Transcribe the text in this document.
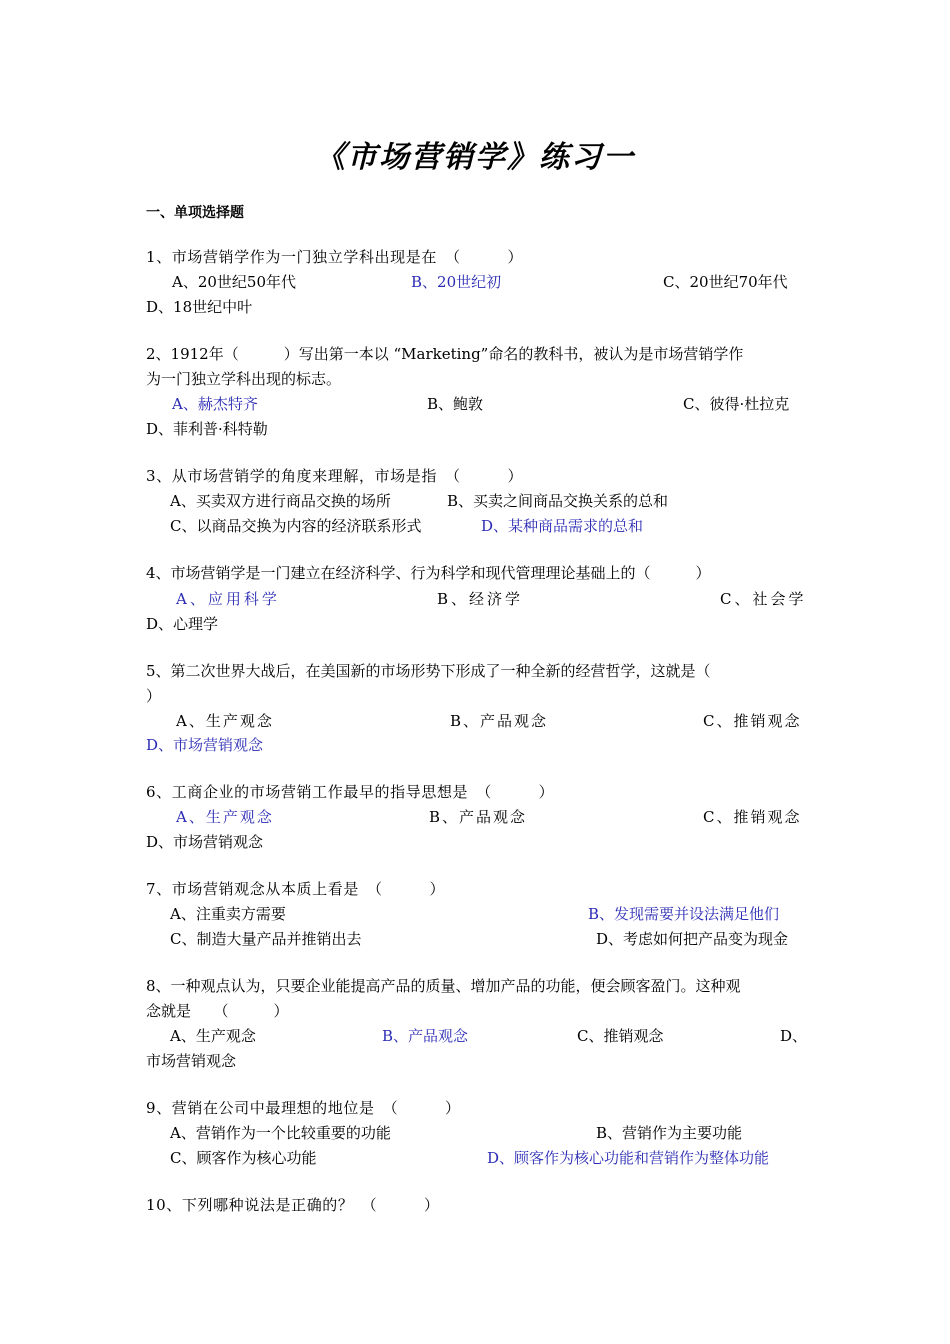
《市场营销学》练习一
一、单项选择题
1、市场营销学作为一门独立学科出现是在　（　　　）
A、20世纪50年代	B、20世纪初	C、20世纪70年代
D、18世纪中叶
2、1912年（　　　）写出第一本以 “Marketing”命名的教科书，被认为是市场营销学作
为一门独立学科出现的标志。
A、赫杰特齐	B、鲍敦	C、彼得·杜拉克
D、菲利普·科特勒
3、从市场营销学的角度来理解，市场是指　（　　　）
A、买卖双方进行商品交换的场所	B、买卖之间商品交换关系的总和
C、以商品交换为内容的经济联系形式	D、某种商品需求的总和
4、市场营销学是一门建立在经济科学、行为科学和现代管理理论基础上的（　　　）
A、应用科学	B、经济学	C、社会学
D、心理学
5、第二次世界大战后，在美国新的市场形势下形成了一种全新的经营哲学，这就是（
）
A、生产观念	B、产品观念	C、推销观念
D、市场营销观念
6、工商企业的市场营销工作最早的指导思想是　（　　　）
A、生产观念	B、产品观念	C、推销观念
D、市场营销观念
7、市场营销观念从本质上看是　（　　　）
A、注重卖方需要	B、发现需要并设法满足他们
C、制造大量产品并推销出去	D、考虑如何把产品变为现金
8、一种观点认为，只要企业能提高产品的质量、增加产品的功能，便会顾客盈门。这种观
念就是　　（　　　）
A、生产观念	B、产品观念	C、推销观念	D、
市场营销观念
9、营销在公司中最理想的地位是　（　　　）
A、营销作为一个比较重要的功能	B、营销作为主要功能
C、顾客作为核心功能	D、顾客作为核心功能和营销作为整体功能
10、下列哪种说法是正确的？　（　　　）
